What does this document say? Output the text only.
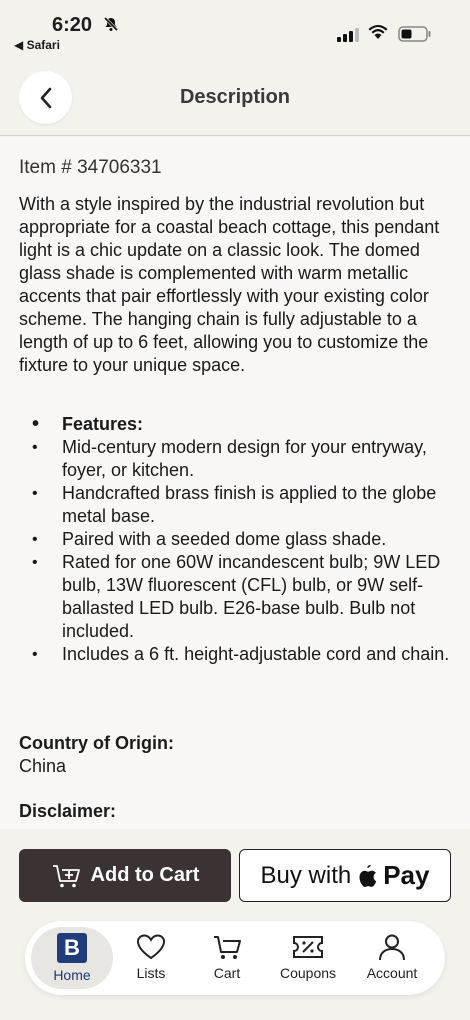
6:20
◀ Safari
Description
Item # 34706331

With a style inspired by the industrial revolution but appropriate for a coastal beach cottage, this pendant light is a chic update on a classic look. The domed glass shade is complemented with warm metallic accents that pair effortlessly with your existing color scheme. The hanging chain is fully adjustable to a length of up to 6 feet, allowing you to customize the fixture to your unique space.

• Features:
• Mid-century modern design for your entryway, foyer, or kitchen.
• Handcrafted brass finish is applied to the globe metal base.
• Paired with a seeded dome glass shade.
• Rated for one 60W incandescent bulb; 9W LED bulb, 13W fluorescent (CFL) bulb, or 9W self-ballasted LED bulb. E26-base bulb. Bulb not included.
• Includes a 6 ft. height-adjustable cord and chain.
Country of Origin:
China
Disclaimer:
Add to Cart	Buy with Pay
B
Home	Lists	Cart	Coupons Account
